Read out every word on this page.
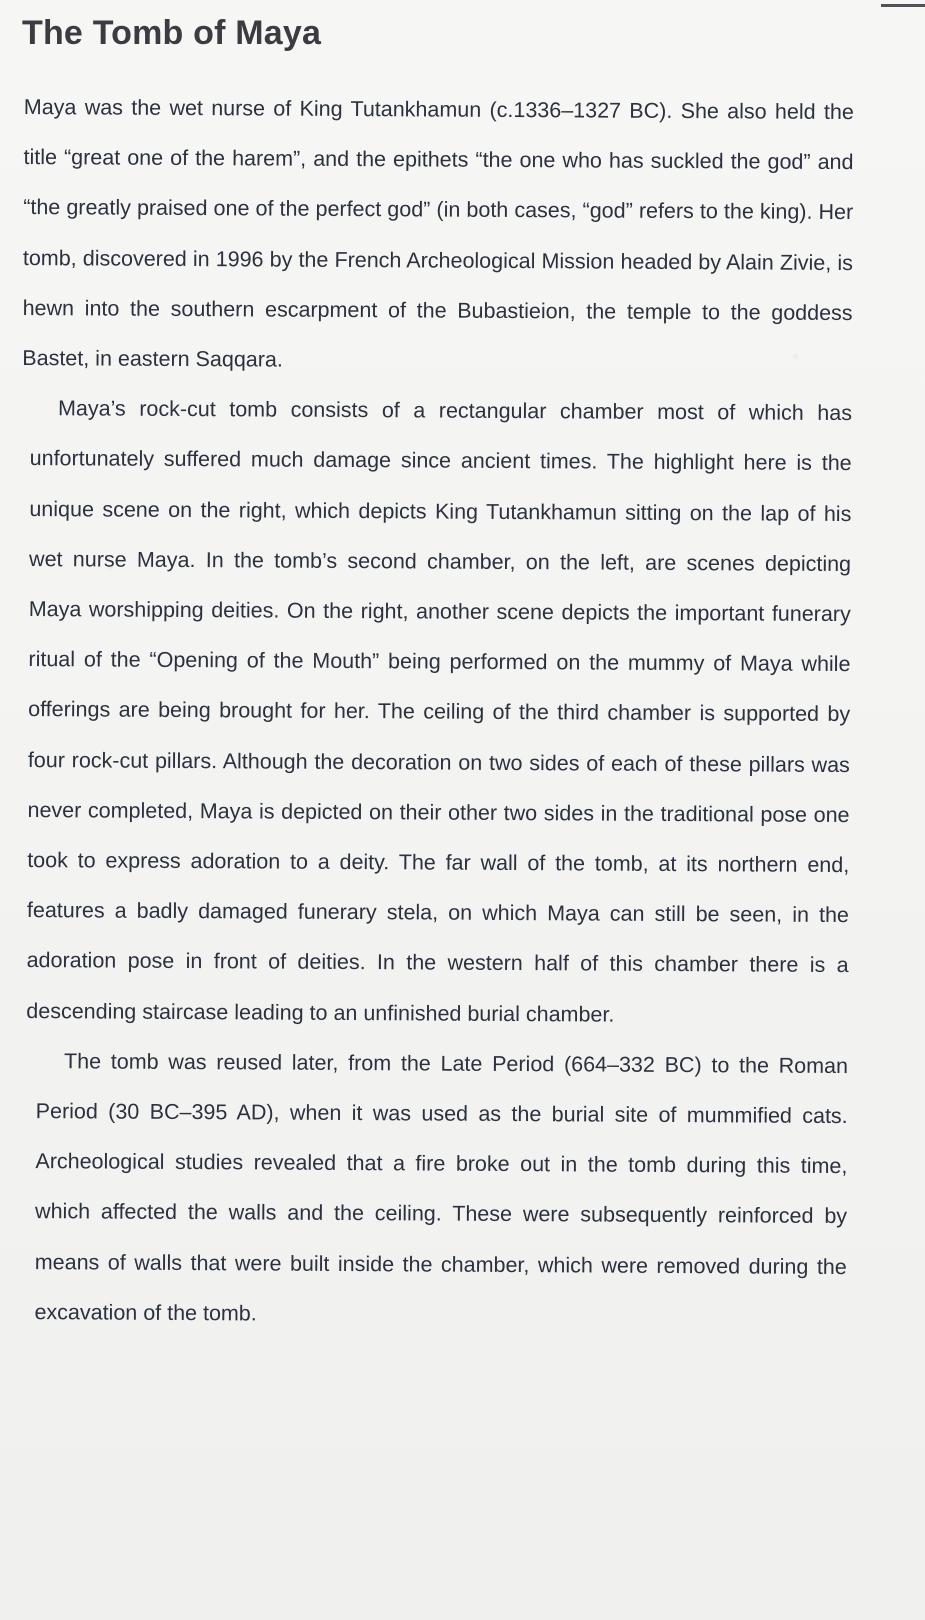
The Tomb of Maya

Maya was the wet nurse of King Tutankhamun (c.1336–1327 BC). She also held the title “great one of the harem”, and the epithets “the one who has suckled the god” and “the greatly praised one of the perfect god” (in both cases, “god” refers to the king). Her tomb, discovered in 1996 by the French Archeological Mission headed by Alain Zivie, is hewn into the southern escarpment of the Bubastieion, the temple to the goddess Bastet, in eastern Saqqara.

Maya’s rock-cut tomb consists of a rectangular chamber most of which has unfortunately suffered much damage since ancient times. The highlight here is the unique scene on the right, which depicts King Tutankhamun sitting on the lap of his wet nurse Maya. In the tomb’s second chamber, on the left, are scenes depicting Maya worshipping deities. On the right, another scene depicts the important funerary ritual of the “Opening of the Mouth” being performed on the mummy of Maya while offerings are being brought for her. The ceiling of the third chamber is supported by four rock-cut pillars. Although the decoration on two sides of each of these pillars was never completed, Maya is depicted on their other two sides in the traditional pose one took to express adoration to a deity. The far wall of the tomb, at its northern end, features a badly damaged funerary stela, on which Maya can still be seen, in the adoration pose in front of deities. In the western half of this chamber there is a descending staircase leading to an unfinished burial chamber.

The tomb was reused later, from the Late Period (664–332 BC) to the Roman Period (30 BC–395 AD), when it was used as the burial site of mummified cats. Archeological studies revealed that a fire broke out in the tomb during this time, which affected the walls and the ceiling. These were subsequently reinforced by means of walls that were built inside the chamber, which were removed during the excavation of the tomb.
